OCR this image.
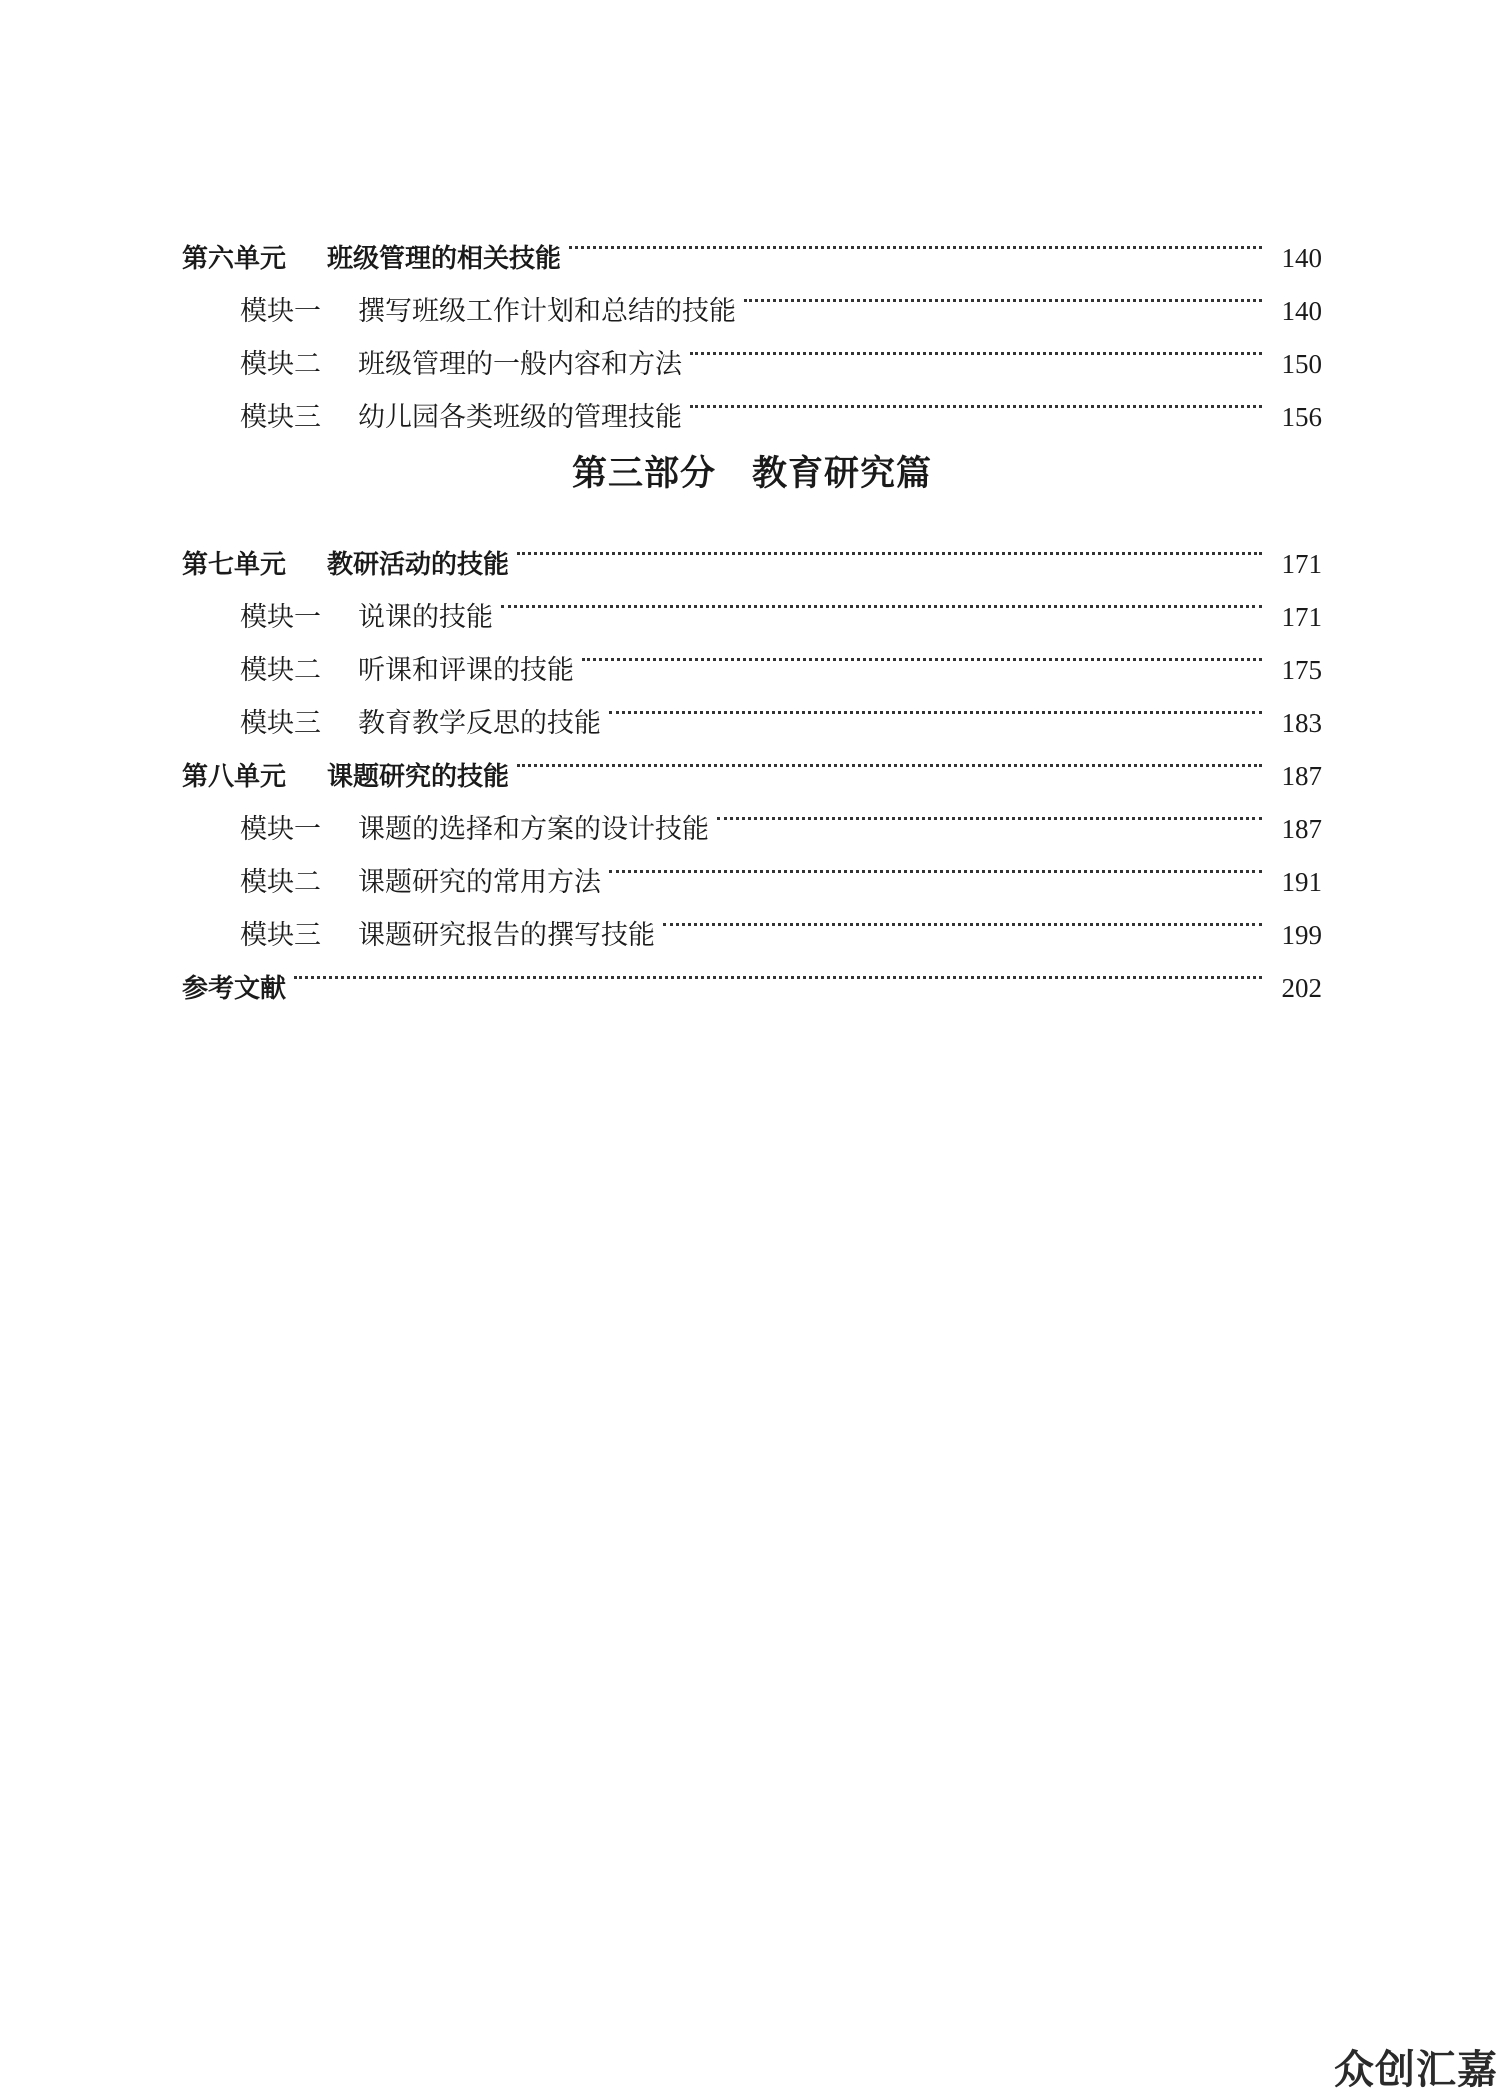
第六单元	班级管理的相关技能	140
模块一	撰写班级工作计划和总结的技能	140
模块二	班级管理的一般内容和方法	150
模块三	幼儿园各类班级的管理技能	156
第三部分 教育研究篇
第七单元	教研活动的技能	171
模块一	说课的技能	171
模块二	听课和评课的技能	175
模块三	教育教学反思的技能	183
第八单元	课题研究的技能	187
模块一	课题的选择和方案的设计技能	187
模块二	课题研究的常用方法	191
模块三	课题研究报告的撰写技能	199
参考文献	202
众创汇嘉
